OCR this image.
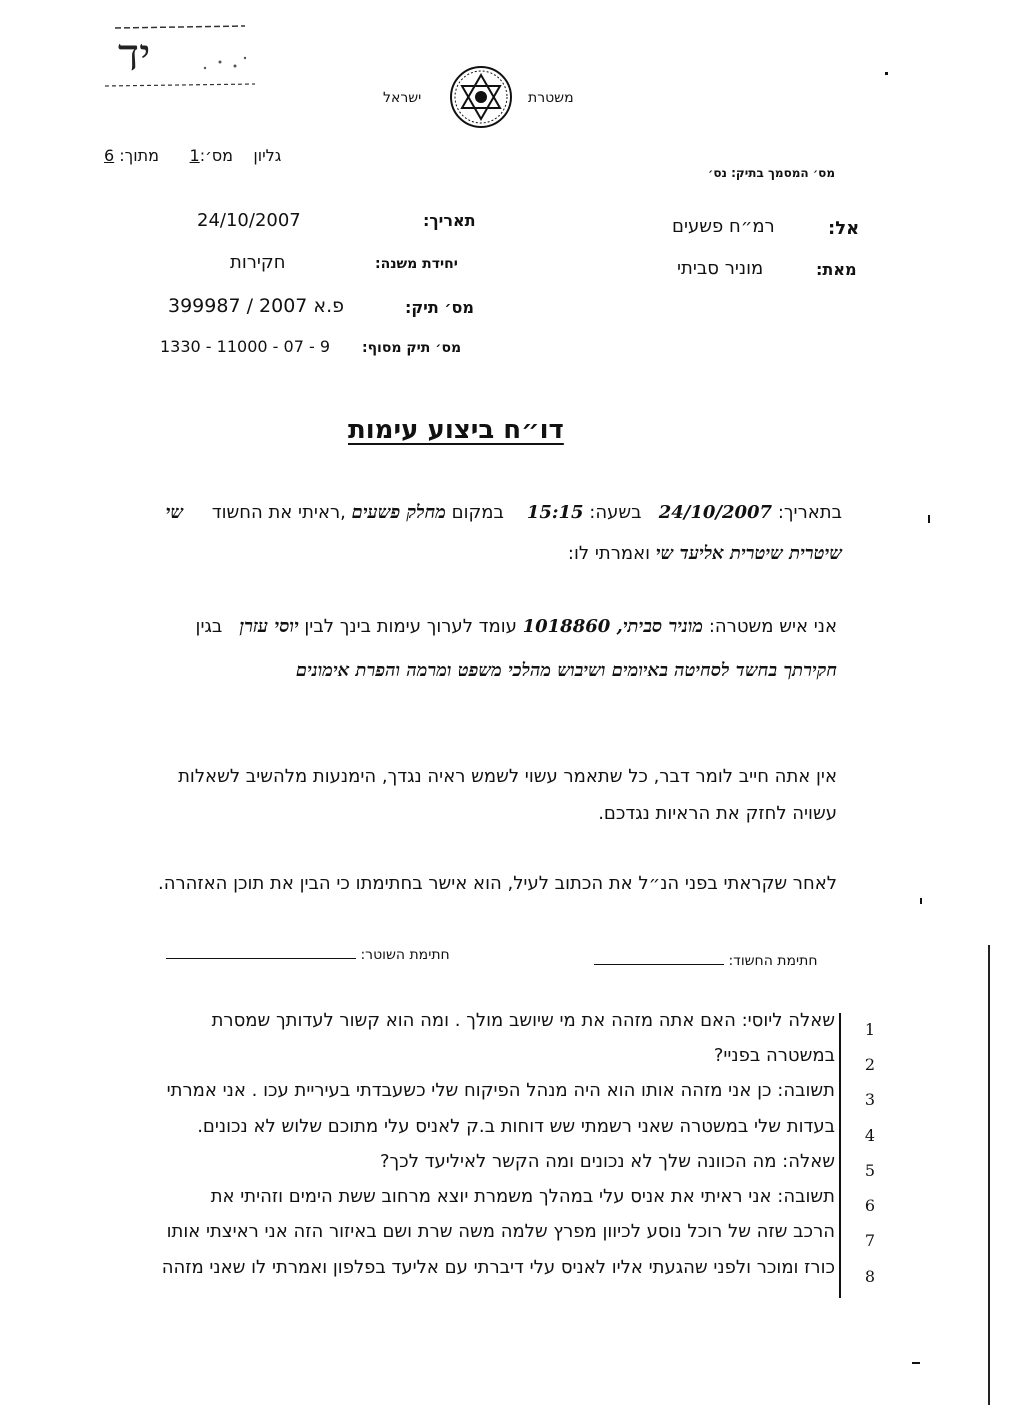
יד
ישראל	משטרת
גליון    מס׳:1      מתוך: 6
מס׳ המסמך בתיק: נס׳
אל:
רמ״ח פשעים
מאת:
מוניר סביתי
תאריך:
24/10/2007
יחידת משנה:
חקירות
מס׳ תיק:
פ.א 2007 / 399987
מס׳ תיק מסוף:
9 - 07 - 11000 - 1330
דו״ח ביצוע עימות
בתאריך: 24/10/2007   בשעה: 15:15    במקום מחלק פשעים ,ראיתי את החשוד     שי
שיטרית שיטרית אליעד שי ואמרתי לו:
אני איש משטרה: מוניר סביתי, 1018860 עומד לערוך עימות בינך לבין יוסי עזרן   בגין
חקירתך בחשד לסחיטה באיומים ושיבוש מהלכי משפט ומרמה והפרת אימונים
אין אתה חייב לומר דבר, כל שתאמר עשוי לשמש ראיה נגדך, הימנעות מלהשיב לשאלות
עשויה לחזק את הראיות נגדכם.
לאחר שקראתי בפני הנ״ל את הכתוב לעיל, הוא אישר בחתימתו כי הבין את תוכן האזהרה.
חתימת החשוד:
חתימת השוטר:
1
שאלה ליוסי: האם אתה מזהה את מי שיושב מולך . ומה הוא קשור לעדותך שמסרת
2
במשטרה בפניי?
3
תשובה: כן אני מזהה אותו הוא היה מנהל הפיקוח שלי כשעבדתי בעיריית עכו . אני אמרתי
4
בעדות שלי במשטרה שאני רשמתי שש דוחות ב.ק לאניס עלי מתוכם שלוש לא נכונים.
5
שאלה: מה הכוונה שלך לא נכונים ומה הקשר לאיליעד לכך?
6
תשובה: אני ראיתי את אניס עלי במהלך משמרת יוצא מרחוב ששת הימים וזהיתי את
7
הרכב שזה של רוכל נוסע לכיוון מפרץ שלמה משה שרת ושם באיזור הזה אני ראיצתי אותו
8
כורז ומוכר ולפני שהגעתי אליו לאניס עלי דיברתי עם אליעד בפלפון ואמרתי לו שאני מזהה
